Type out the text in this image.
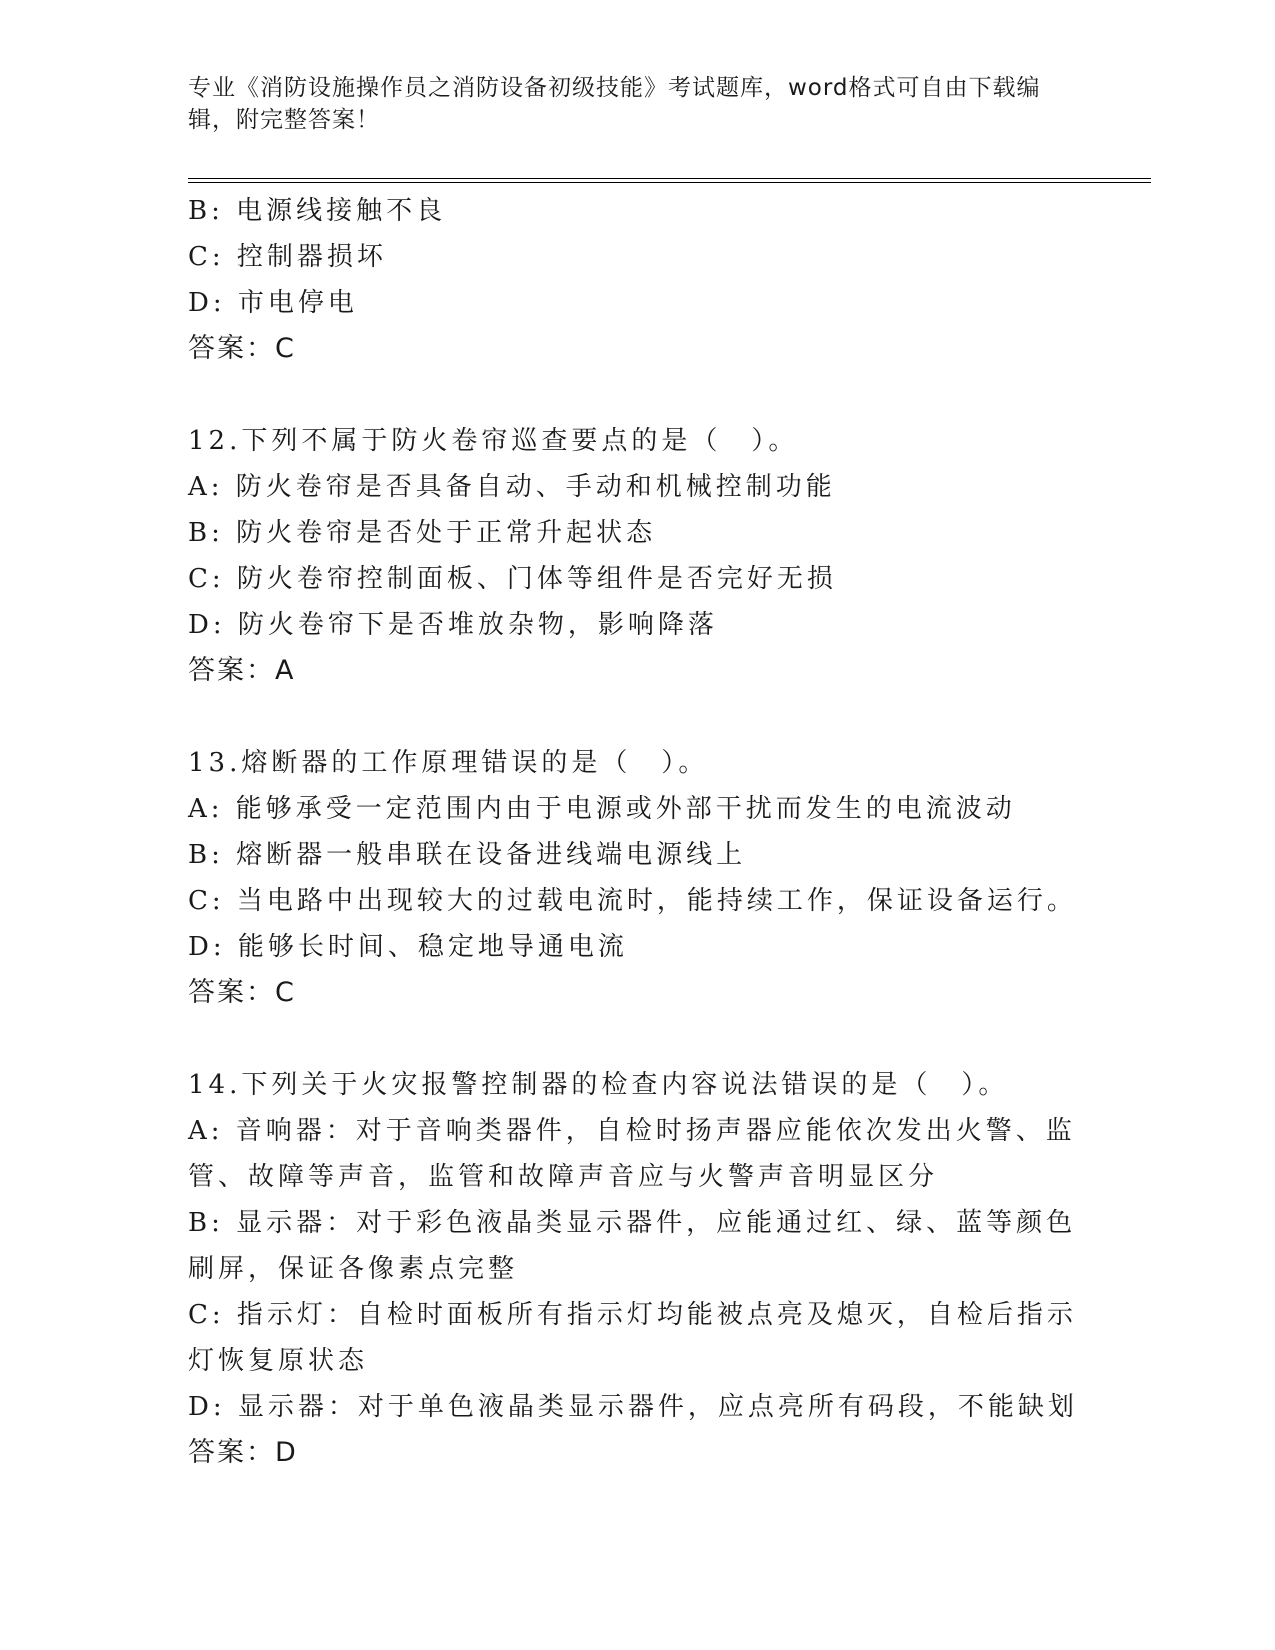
专业《消防设施操作员之消防设备初级技能》考试题库，word格式可自由下载编辑，附完整答案！
B: 电源线接触不良
C: 控制器损坏
D: 市电停电
答案：C
12.下列不属于防火卷帘巡查要点的是（　）。
A: 防火卷帘是否具备自动、手动和机械控制功能
B: 防火卷帘是否处于正常升起状态
C: 防火卷帘控制面板、门体等组件是否完好无损
D: 防火卷帘下是否堆放杂物，影响降落
答案：A
13.熔断器的工作原理错误的是（　）。
A: 能够承受一定范围内由于电源或外部干扰而发生的电流波动
B: 熔断器一般串联在设备进线端电源线上
C: 当电路中出现较大的过载电流时，能持续工作，保证设备运行。
D: 能够长时间、稳定地导通电流
答案：C
14.下列关于火灾报警控制器的检查内容说法错误的是（　）。
A: 音响器：对于音响类器件，自检时扬声器应能依次发出火警、监管、故障等声音，监管和故障声音应与火警声音明显区分
B: 显示器：对于彩色液晶类显示器件，应能通过红、绿、蓝等颜色刷屏，保证各像素点完整
C: 指示灯：自检时面板所有指示灯均能被点亮及熄灭，自检后指示灯恢复原状态
D: 显示器：对于单色液晶类显示器件，应点亮所有码段，不能缺划
答案：D
